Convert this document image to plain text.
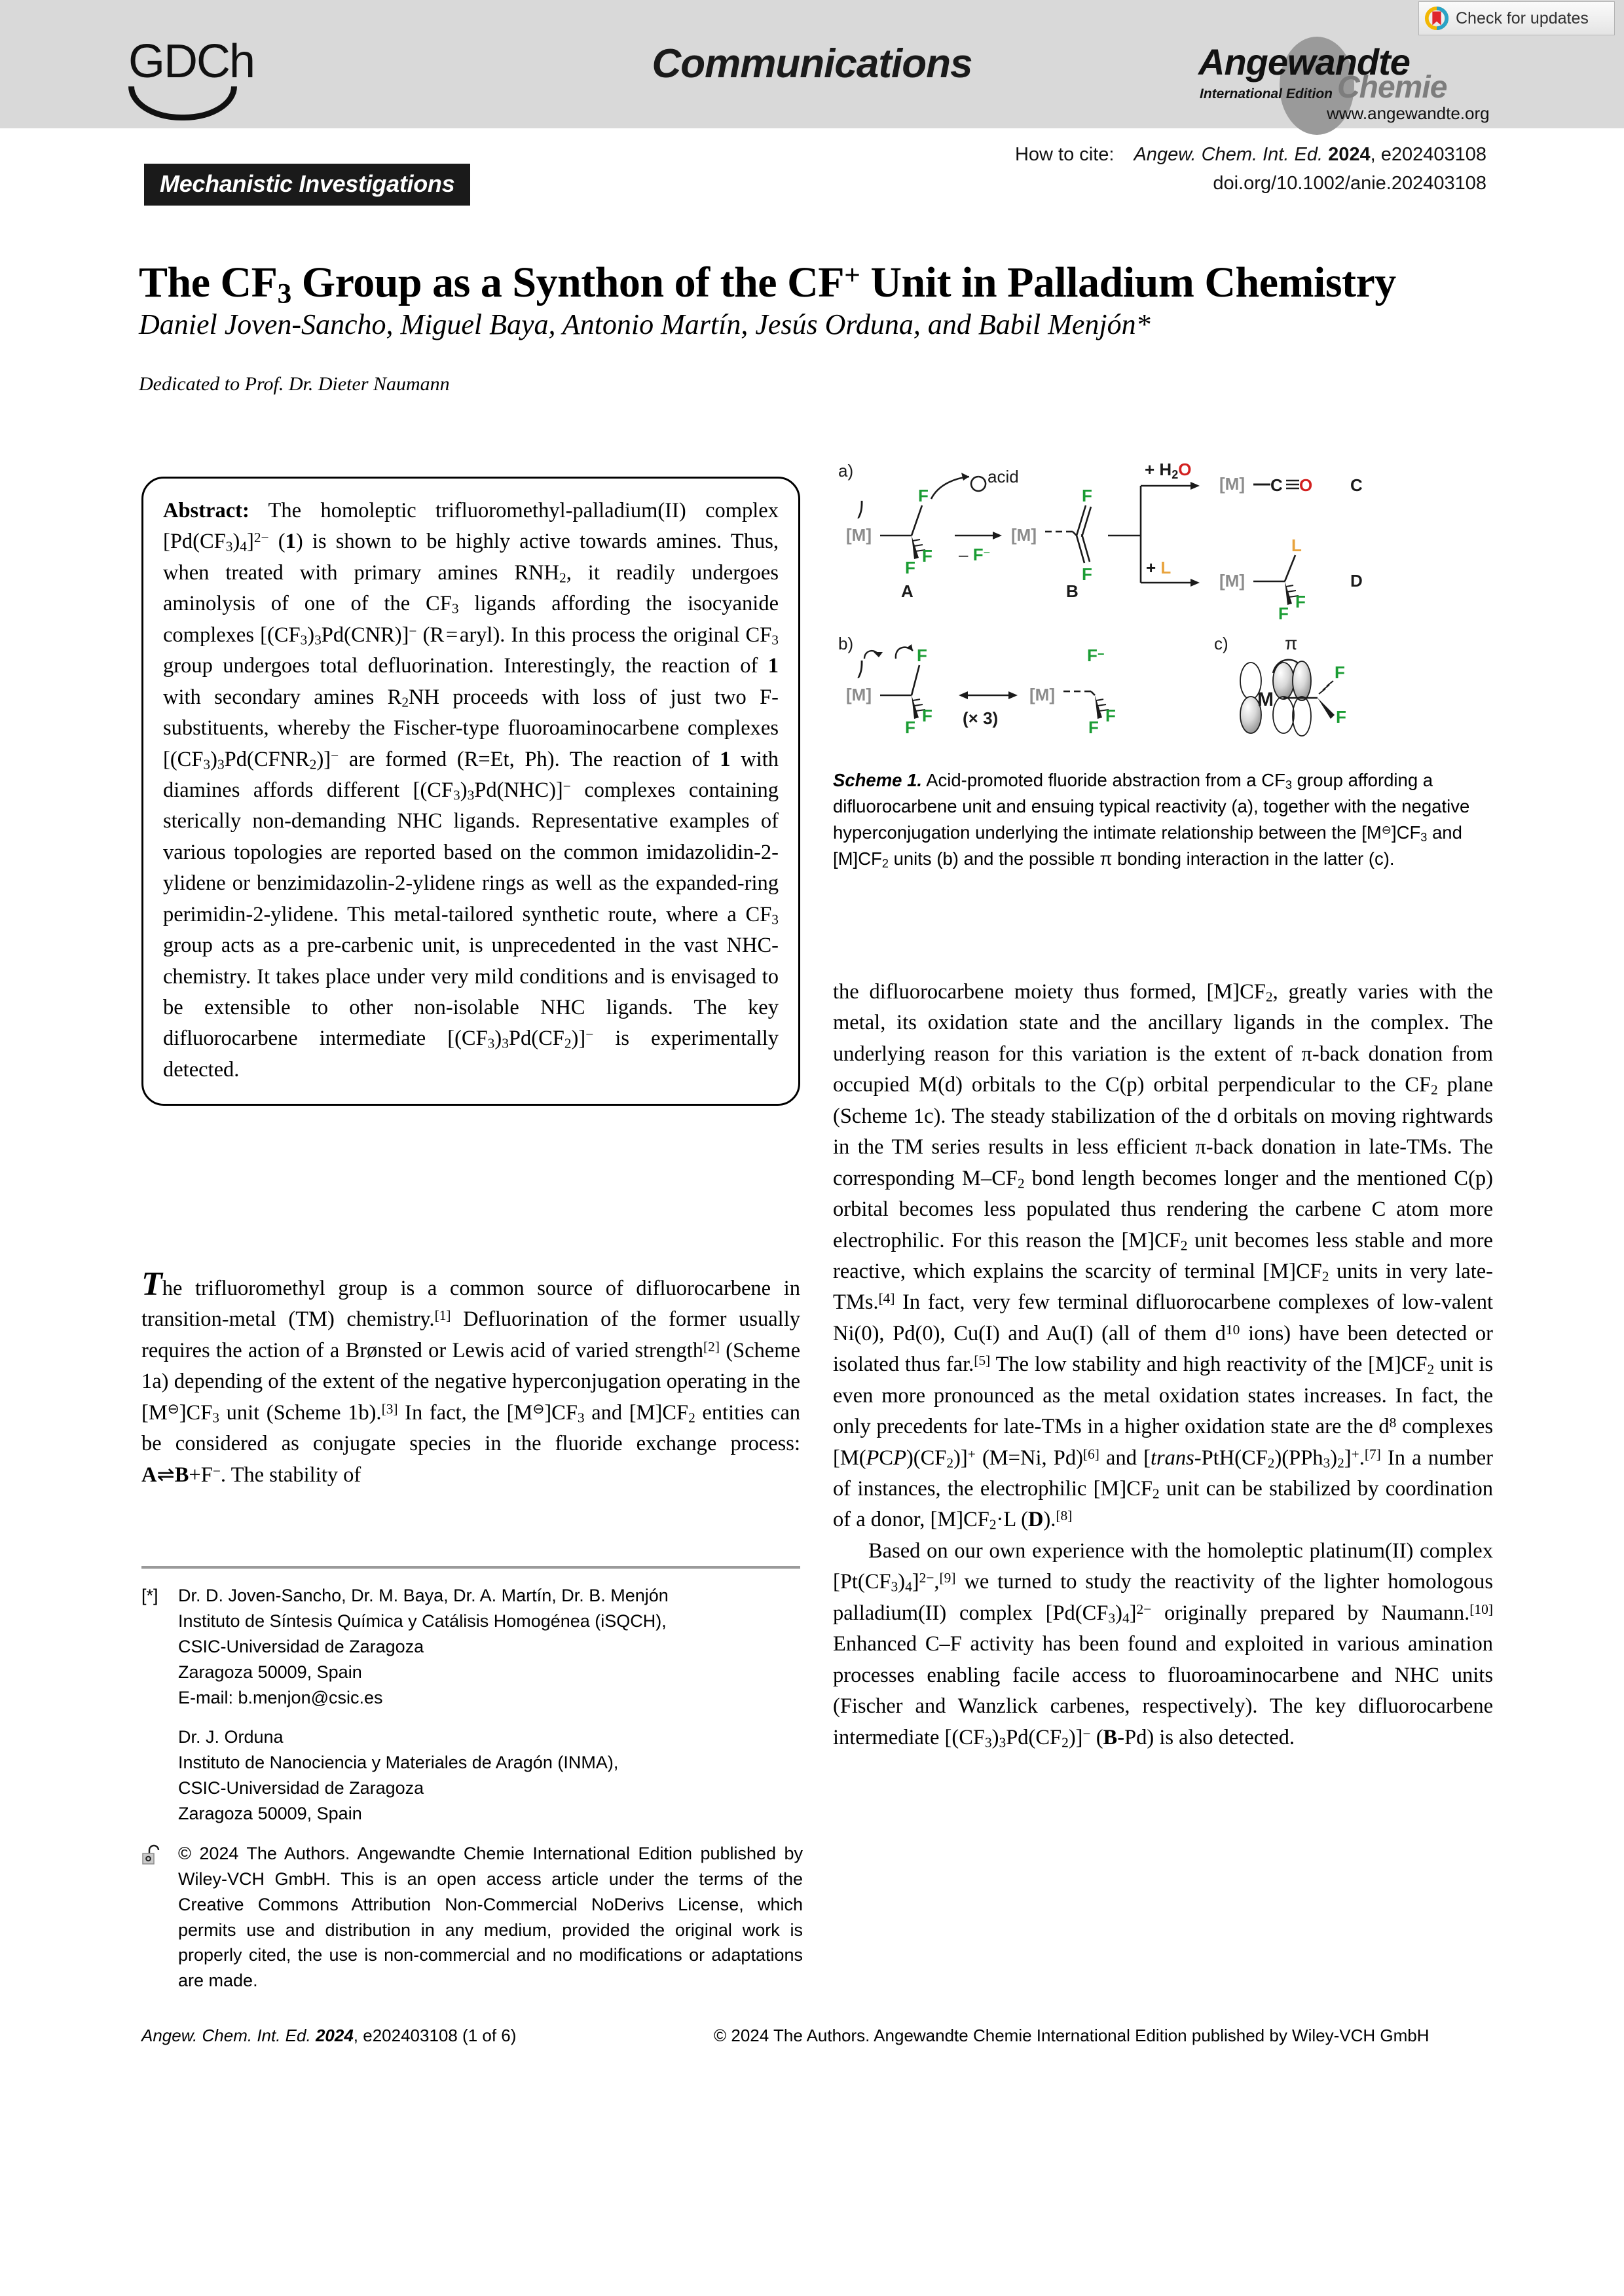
GDCh	Communications	Angewandte
International Edition Chemie
www.angewandte.org
Check for updates
How to cite: Angew. Chem. Int. Ed. 2024, e202403108
doi.org/10.1002/anie.202403108
Mechanistic Investigations
The $CF_3$ Group as a Synthon of the CF+ Unit in Palladium Chemistry
Daniel Joven-Sancho, Miguel Baya, Antonio Martín, Jesús Orduna, and Babil Menjón*
Dedicated to Prof. Dr. Dieter Naumann
Abstract: The homoleptic trifluoromethyl-palladium(II) complex $[Pd(CF_3)_4]^{2-}$ (1) is shown to be highly active towards amines. Thus, when treated with primary amines $RNH_2$, it readily undergoes aminolysis of one of the $CF_3$ ligands affording the isocyanide complexes $[(CF_3)_3Pd(CNR)]^-$ (R = aryl). In this process the original $CF_3$ group undergoes total defluorination. Interestingly, the reaction of 1 with secondary amines $R_2NH$ proceeds with loss of just two F-substituents, whereby the Fischer-type fluoroaminocarbene complexes $[(CF_3)_3Pd(CFNR_2)]^-$ are formed (R=Et, Ph). The reaction of 1 with diamines affords different $[(CF_3)_3Pd(NHC)]^-$ complexes containing sterically non-demanding NHC ligands. Representative examples of various topologies are reported based on the common imidazolidin-2-ylidene or benzimidazolin-2-ylidene rings as well as the expanded-ring perimidin-2-ylidene. This metal-tailored synthetic route, where a $CF_3$ group acts as a pre-carbenic unit, is unprecedented in the vast NHC-chemistry. It takes place under very mild conditions and is envisaged to be extensible to other non-isolable NHC ligands. The key difluorocarbene intermediate $[(CF_3)_3Pd(CF_2)]^-$ is experimentally detected.
The trifluoromethyl group is a common source of difluorocarbene in transition-metal (TM) chemistry.[1] Defluorination of the former usually requires the action of a Brønsted or Lewis acid of varied strength[2] (Scheme 1a) depending of the extent of the negative hyperconjugation operating in the $[M^⊖]CF_3$ unit (Scheme 1b).[3] In fact, the $[M^⊖]CF_3$ and $[M]CF_2$ entities can be considered as conjugate species in the fluoride exchange process: A⇌B+F−. The stability of
[*]	Dr. D. Joven-Sancho, Dr. M. Baya, Dr. A. Martín, Dr. B. Menjón
Instituto de Síntesis Química y Catálisis Homogénea (iSQCH),
CSIC-Universidad de Zaragoza
Zaragoza 50009, Spain
E-mail: b.menjon@csic.es
Dr. J. Orduna
Instituto de Nanociencia y Materiales de Aragón (INMA),
CSIC-Universidad de Zaragoza
Zaragoza 50009, Spain
© 2024 The Authors. Angewandte Chemie International Edition published by Wiley-VCH GmbH. This is an open access article under the terms of the Creative Commons Attribution Non-Commercial NoDerivs License, which permits use and distribution in any medium, provided the original work is properly cited, the use is non-commercial and no modifications or adaptations are made.
a)	acid
⎠
[M]
F
F
F
A
– F−
[M]
F
F
B
+ H2O
[M] C O C
+ L
[M]
L
F
F
D
b)
⎠
[M]
F
F
F (× 3)
[M]
F−
F
F
c)	π
M
F
F
Scheme 1. Acid-promoted fluoride abstraction from a $CF_3$ group affording a difluorocarbene unit and ensuing typical reactivity (a), together with the negative hyperconjugation underlying the intimate relationship between the $[M^⊖]CF_3$ and $[M]CF_2$ units (b) and the possible π bonding interaction in the latter (c).

the difluorocarbene moiety thus formed, $[M]CF_2$, greatly varies with the metal, its oxidation state and the ancillary ligands in the complex. The underlying reason for this variation is the extent of π-back donation from occupied M(d) orbitals to the C(p) orbital perpendicular to the $CF_2$ plane (Scheme 1c). The steady stabilization of the d orbitals on moving rightwards in the TM series results in less efficient π-back donation in late-TMs. The corresponding $M-CF_2$ bond length becomes longer and the mentioned C(p) orbital becomes less populated thus rendering the carbene C atom more electrophilic. For this reason the $[M]CF_2$ unit becomes less stable and more reactive, which explains the scarcity of terminal $[M]CF_2$ units in very late-TMs.[4] In fact, very few terminal difluorocarbene complexes of low-valent Ni(0), Pd(0), Cu(I) and Au(I) (all of them $d^{10}$ ions) have been detected or isolated thus far.[5] The low stability and high reactivity of the $[M]CF_2$ unit is even more pronounced as the metal oxidation states increases. In fact, the only precedents for late-TMs in a higher oxidation state are the $d^8$ complexes $[M(PCP)(CF_2)]^+$ (M=Ni, Pd)[6] and $[trans-PtH(CF_2)(PPh_3)_2]^+.[7]$ In a number of instances, the electrophilic $[M]CF_2$ unit can be stabilized by coordination of a donor, $[M]CF_2\cdot L$ (D).[8]

Based on our own experience with the homoleptic platinum(II) complex $[Pt(CF_3)_4]^{2-},[9]$ we turned to study the reactivity of the lighter homologous palladium(II) complex $[Pd(CF_3)_4]^{2-}$ originally prepared by Naumann.[10] Enhanced C–F activity has been found and exploited in various amination processes enabling facile access to fluoroaminocarbene and NHC units (Fischer and Wanzlick carbenes, respectively). The key difluorocarbene intermediate $[(CF_3)_3Pd(CF_2)]^-$ (B-Pd) is also detected.

Angew. Chem. Int. Ed. 2024, e202403108 (1 of 6)	© 2024 The Authors. Angewandte Chemie International Edition published by Wiley-VCH GmbH
